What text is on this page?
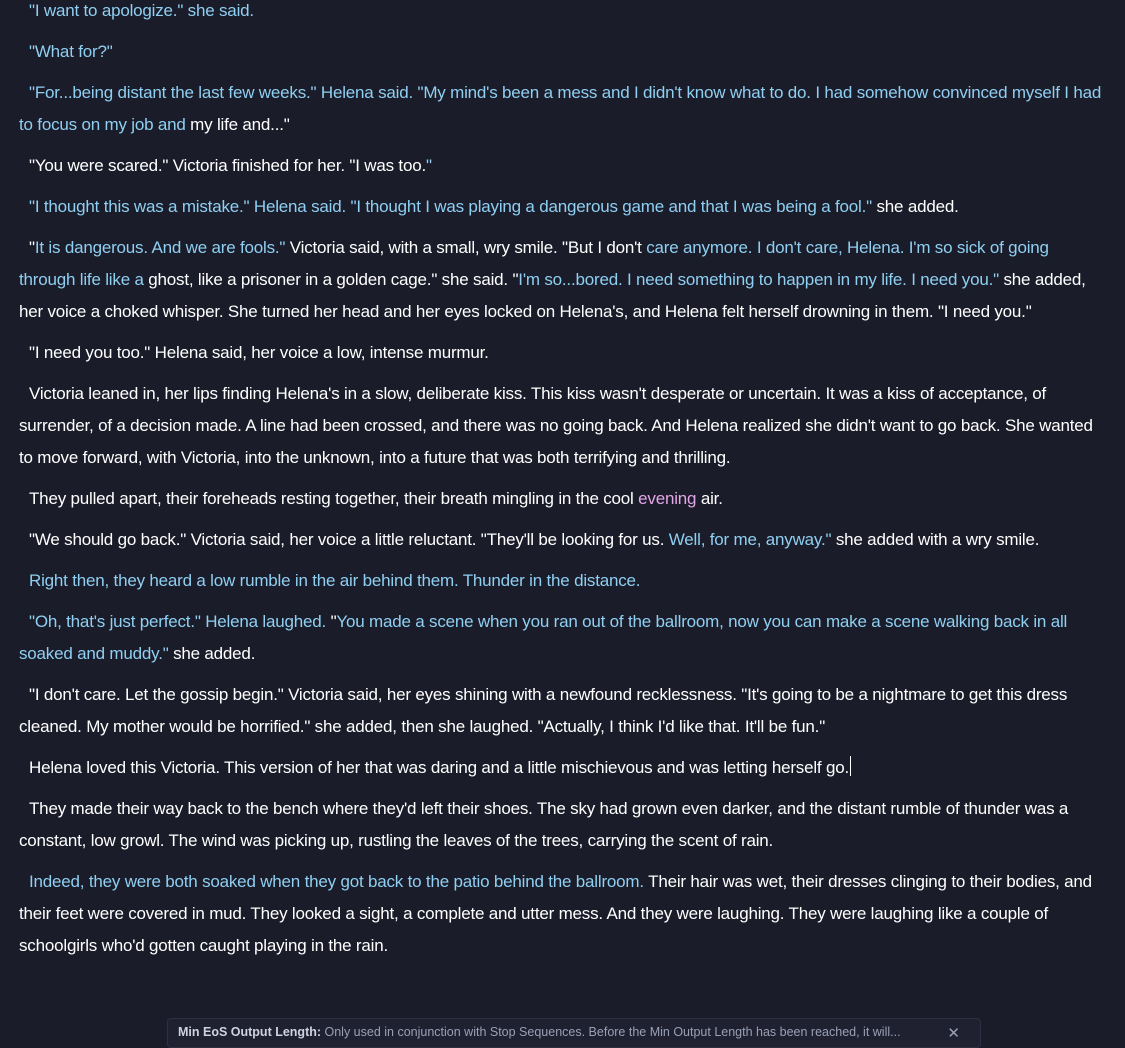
"I want to apologize." she said.

"What for?"

"For...being distant the last few weeks." Helena said. "My mind's been a mess and I didn't know what to do. I had somehow convinced myself I had to focus on my job and my life and..."

"You were scared." Victoria finished for her. "I was too."

"I thought this was a mistake." Helena said. "I thought I was playing a dangerous game and that I was being a fool." she added.

"It is dangerous. And we are fools." Victoria said, with a small, wry smile. "But I don't care anymore. I don't care, Helena. I'm so sick of going through life like a ghost, like a prisoner in a golden cage." she said. "I'm so...bored. I need something to happen in my life. I need you." she added, her voice a choked whisper. She turned her head and her eyes locked on Helena's, and Helena felt herself drowning in them. "I need you."

"I need you too." Helena said, her voice a low, intense murmur.

Victoria leaned in, her lips finding Helena's in a slow, deliberate kiss. This kiss wasn't desperate or uncertain. It was a kiss of acceptance, of surrender, of a decision made. A line had been crossed, and there was no going back. And Helena realized she didn't want to go back. She wanted to move forward, with Victoria, into the unknown, into a future that was both terrifying and thrilling.

They pulled apart, their foreheads resting together, their breath mingling in the cool evening air.

"We should go back." Victoria said, her voice a little reluctant. "They'll be looking for us. Well, for me, anyway." she added with a wry smile.

Right then, they heard a low rumble in the air behind them. Thunder in the distance.

"Oh, that's just perfect." Helena laughed. "You made a scene when you ran out of the ballroom, now you can make a scene walking back in all soaked and muddy." she added.

"I don't care. Let the gossip begin." Victoria said, her eyes shining with a newfound recklessness. "It's going to be a nightmare to get this dress cleaned. My mother would be horrified." she added, then she laughed. "Actually, I think I'd like that. It'll be fun."

Helena loved this Victoria. This version of her that was daring and a little mischievous and was letting herself go.

They made their way back to the bench where they'd left their shoes. The sky had grown even darker, and the distant rumble of thunder was a constant, low growl. The wind was picking up, rustling the leaves of the trees, carrying the scent of rain.

Indeed, they were both soaked when they got back to the patio behind the ballroom. Their hair was wet, their dresses clinging to their bodies, and their feet were covered in mud. They looked a sight, a complete and utter mess. And they were laughing. They were laughing like a couple of schoolgirls who'd gotten caught playing in the rain.

Min EoS Output Length: Only used in conjunction with Stop Sequences. Before the Min Output Length has been reached, it will...	✕
